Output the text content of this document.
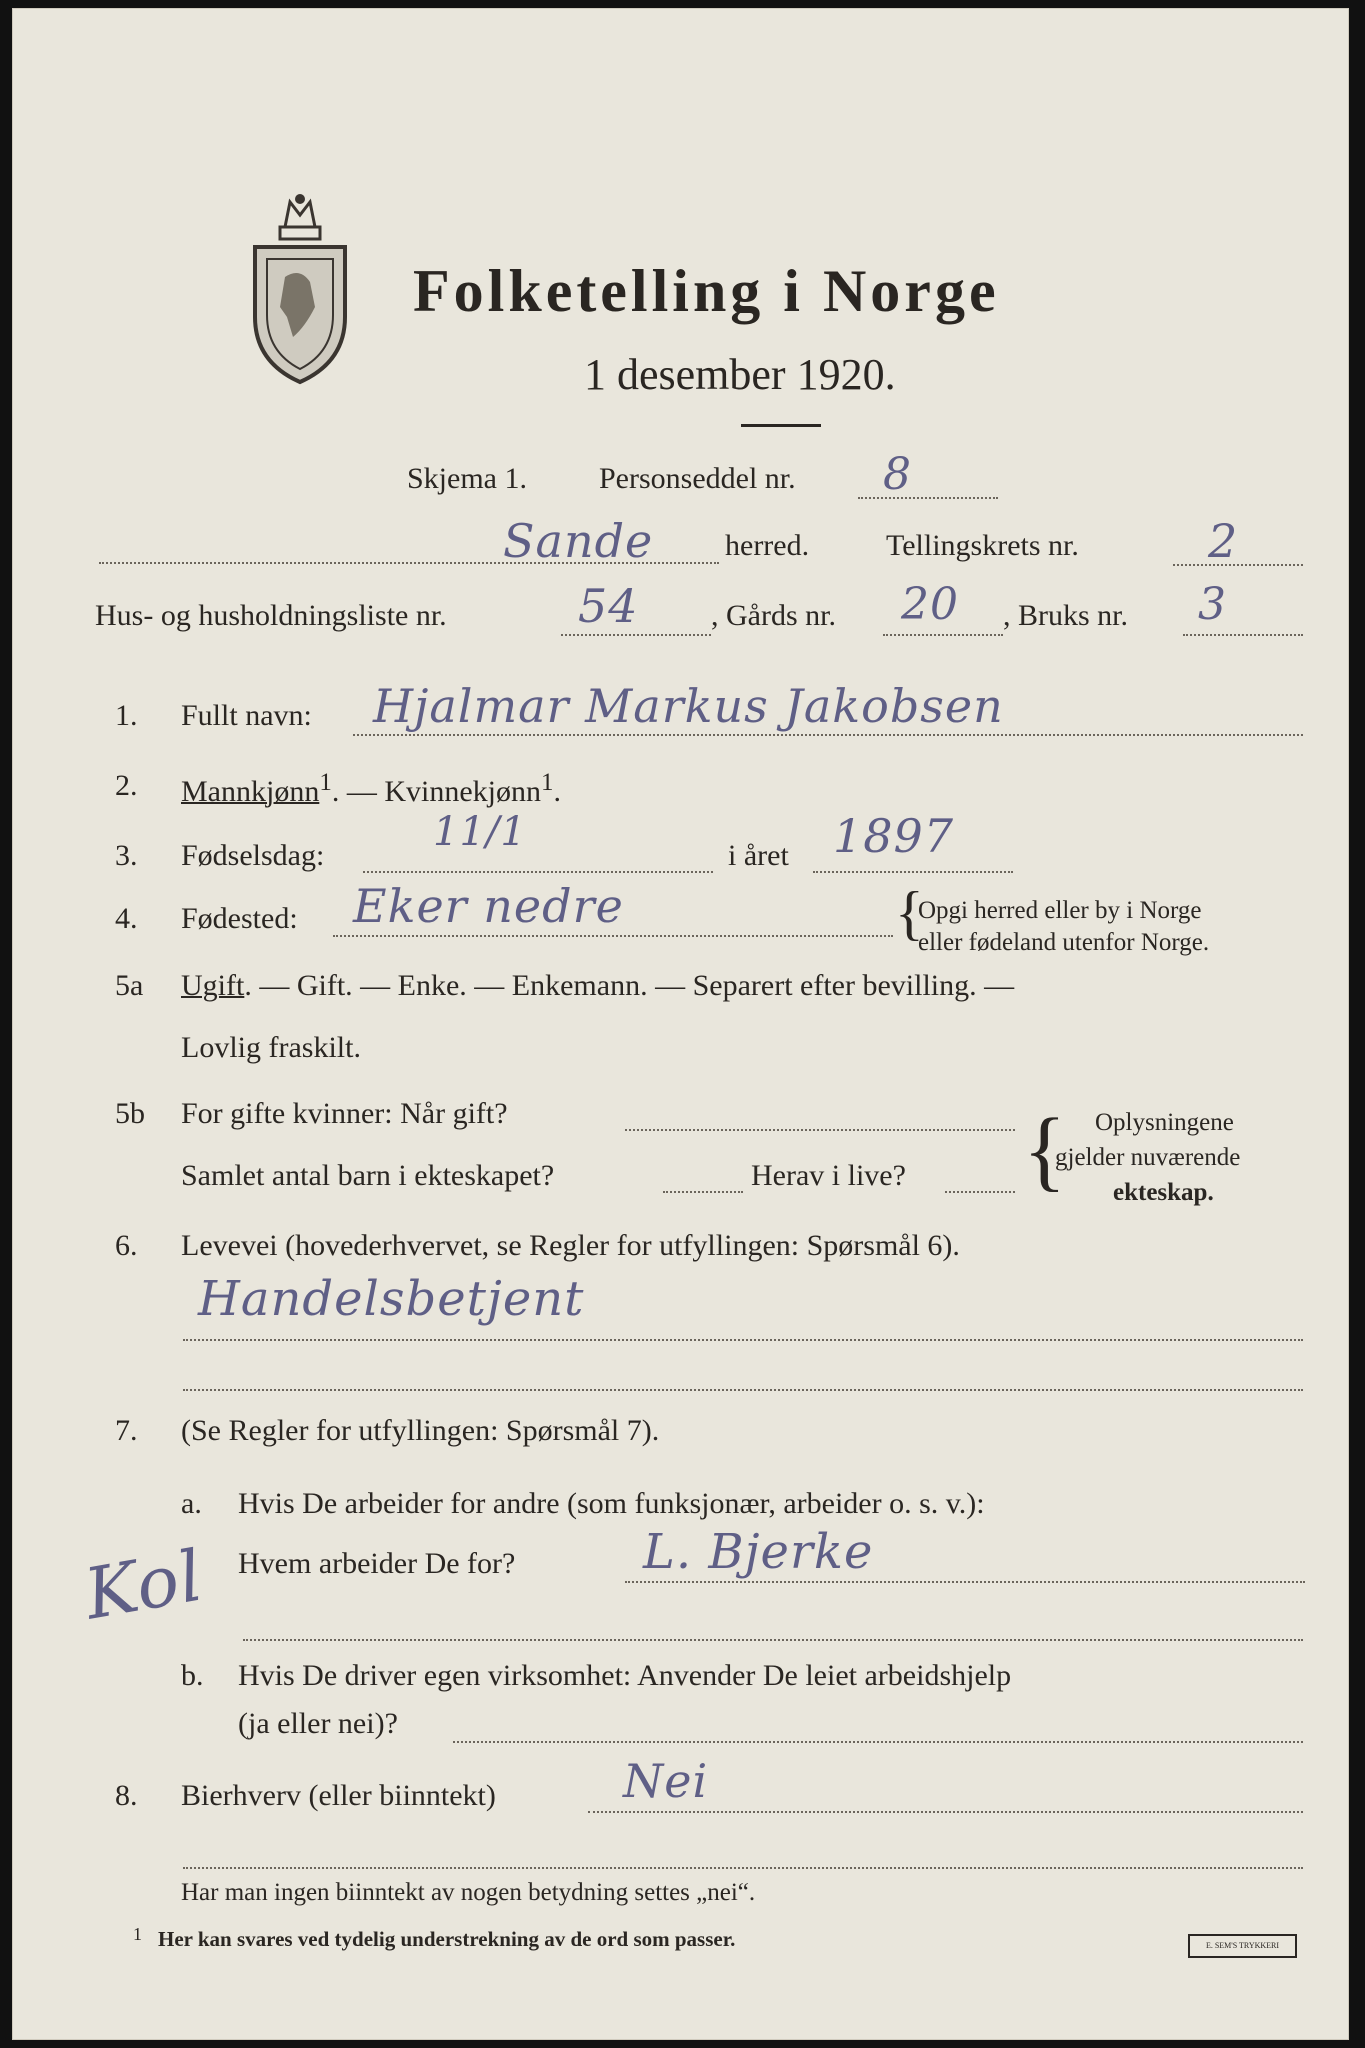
Folketelling i Norge
1 desember 1920.
Skjema 1. Personseddel nr. 8
Sande herred.	Tellingskrets nr.	2
Hus- og husholdningsliste nr.	54 , Gårds nr. 20 , Bruks nr. 3
1. Fullt navn: Hjalmar Markus Jakobsen
2. Mannkjønn$^1$. — Kvinnekjønn$^1$.
3. Fødselsdag:
11/1
i året 1897
4. Fødested: Eker nedre	{
Opgi herred eller by i Norge
eller fødeland utenfor Norge.
5a Ugift. — Gift. — Enke. — Enkemann. — Separert efter bevilling. —
Lovlig fraskilt.
5b For gifte kvinner: Når gift?
Samlet antal barn i ekteskapet?	Herav i live? { Oplysningene
gjelder nuværende
ekteskap.
6. Levevei (hovederhvervet, se Regler for utfyllingen: Spørsmål 6).
Handelsbetjent
7. (Se Regler for utfyllingen: Spørsmål 7).
a. Hvis De arbeider for andre (som funksjonær, arbeider o. s. v.):
Hvem arbeider De for?	L. Bjerke
Kol
b. Hvis De driver egen virksomhet: Anvender De leiet arbeidshjelp
(ja eller nei)?
8. Bierhverv (eller biinntekt)	Nei
Har man ingen biinntekt av nogen betydning settes „nei“.
1 Her kan svares ved tydelig understrekning av de ord som passer.	E. SEM'S TRYKKERI
